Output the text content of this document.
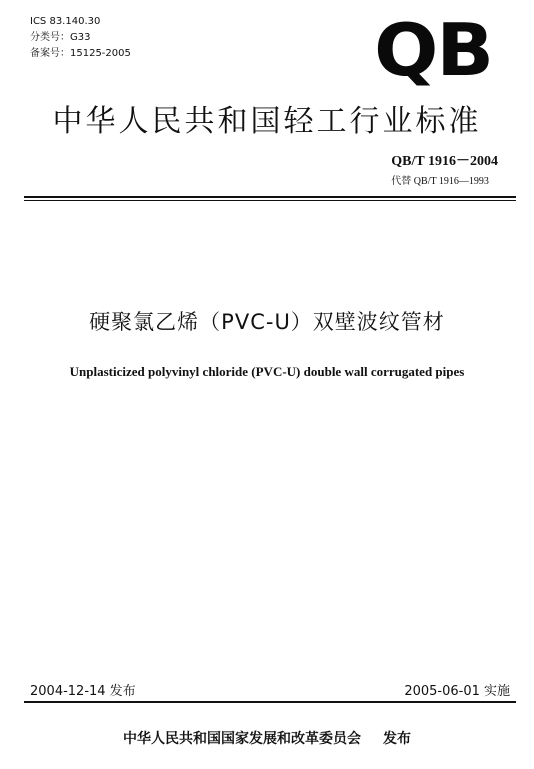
ICS 83.140.30
分类号：G33
备案号：15125-2005	QB
中华人民共和国轻工行业标准
QB/T 1916－2004
代替 QB/T 1916—1993
硬聚氯乙烯（PVC-U）双壁波纹管材
Unplasticized polyvinyl chloride (PVC-U) double wall corrugated pipes
2004-12-14 发布	2005-06-01 实施
中华人民共和国国家发展和改革委员会 发布
